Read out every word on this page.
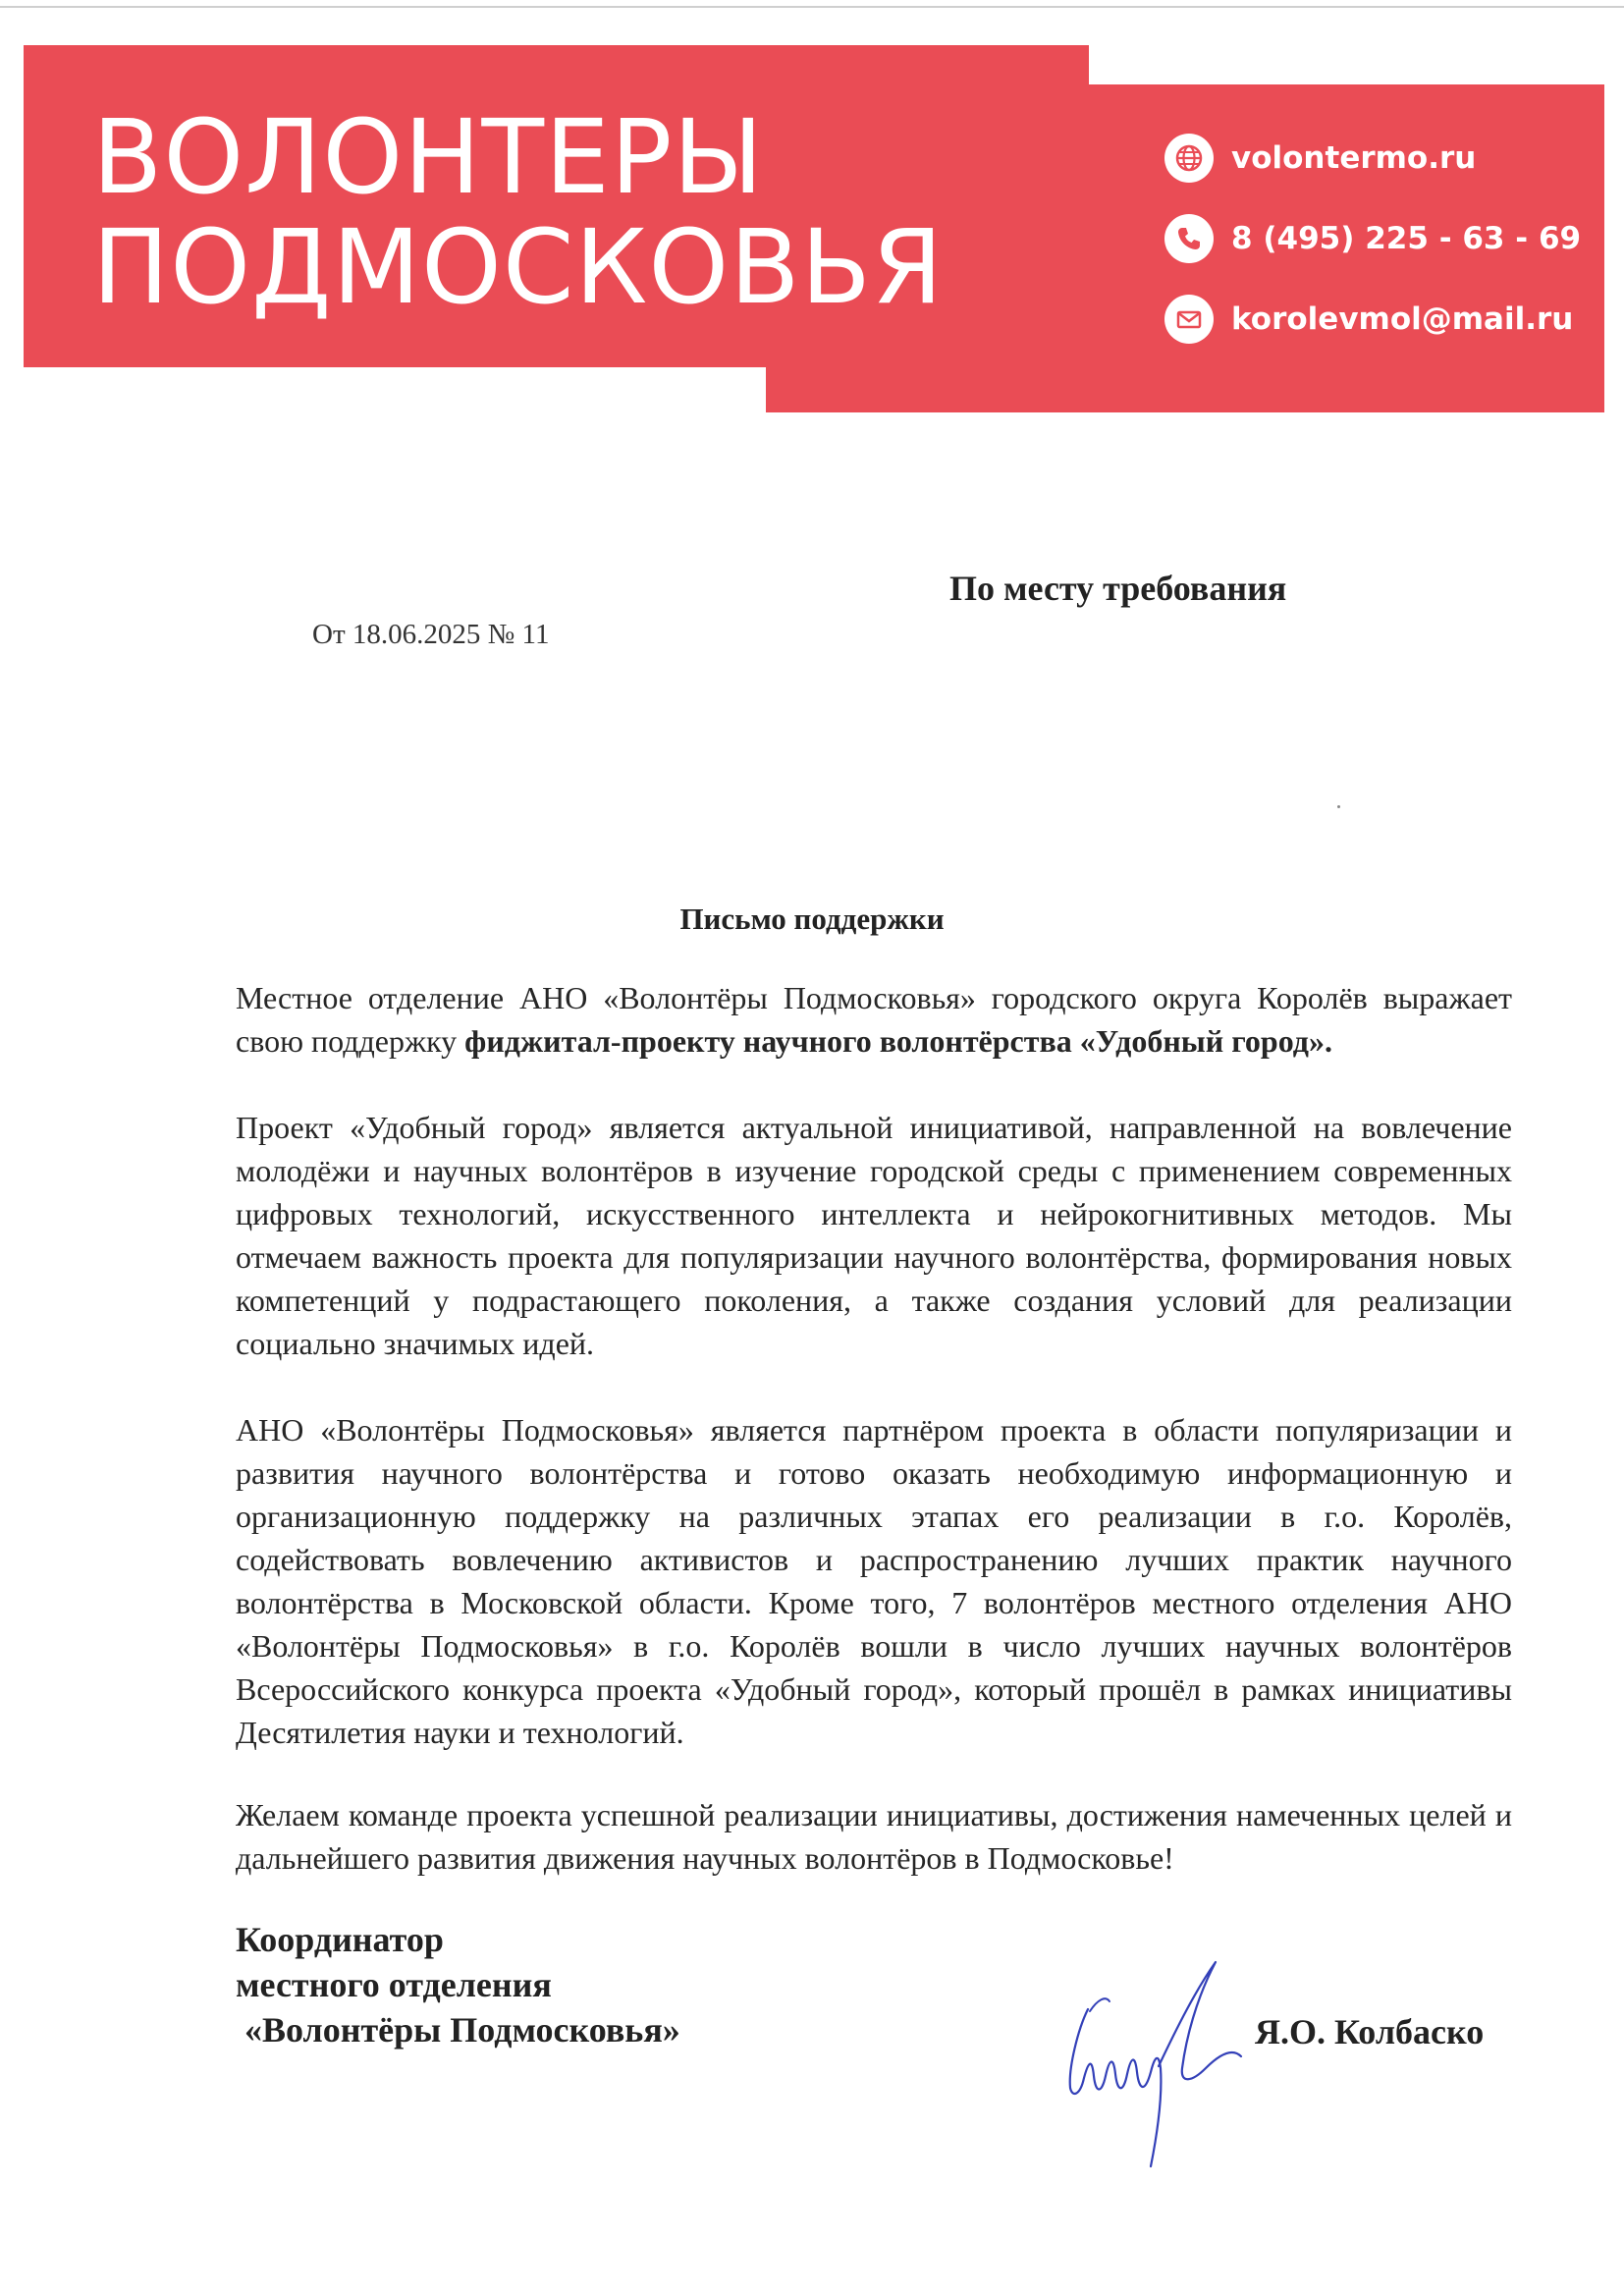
ВОЛОНТЕРЫ
ПОДМОСКОВЬЯ
volontermo.ru
8 (495) 225 - 63 - 69
korolevmol@mail.ru
По месту требования
От 18.06.2025 № 11
Письмо поддержки

Местное отделение АНО «Волонтёры Подмосковья» городского округа Королёв выражает свою поддержку фиджитал-проекту научного волонтёрства «Удобный город».

Проект «Удобный город» является актуальной инициативой, направленной на вовлечение молодёжи и научных волонтёров в изучение городской среды с применением современных цифровых технологий, искусственного интеллекта и нейрокогнитивных методов. Мы отмечаем важность проекта для популяризации научного волонтёрства, формирования новых компетенций у подрастающего поколения, а также создания условий для реализации социально значимых идей.

АНО «Волонтёры Подмосковья» является партнёром проекта в области популяризации и развития научного волонтёрства и готово оказать необходимую информационную и организационную поддержку на различных этапах его реализации в г.о. Королёв, содействовать вовлечению активистов и распространению лучших практик научного волонтёрства в Московской области. Кроме того, 7 волонтёров местного отделения АНО «Волонтёры Подмосковья» в г.о. Королёв вошли в число лучших научных волонтёров Всероссийского конкурса проекта «Удобный город», который прошёл в рамках инициативы Десятилетия науки и технологий.

Желаем команде проекта успешной реализации инициативы, достижения намеченных целей и дальнейшего развития движения научных волонтёров в Подмосковье!

Координатор
местного отделения
«Волонтёры Подмосковья»	Я.О. Колбаско
